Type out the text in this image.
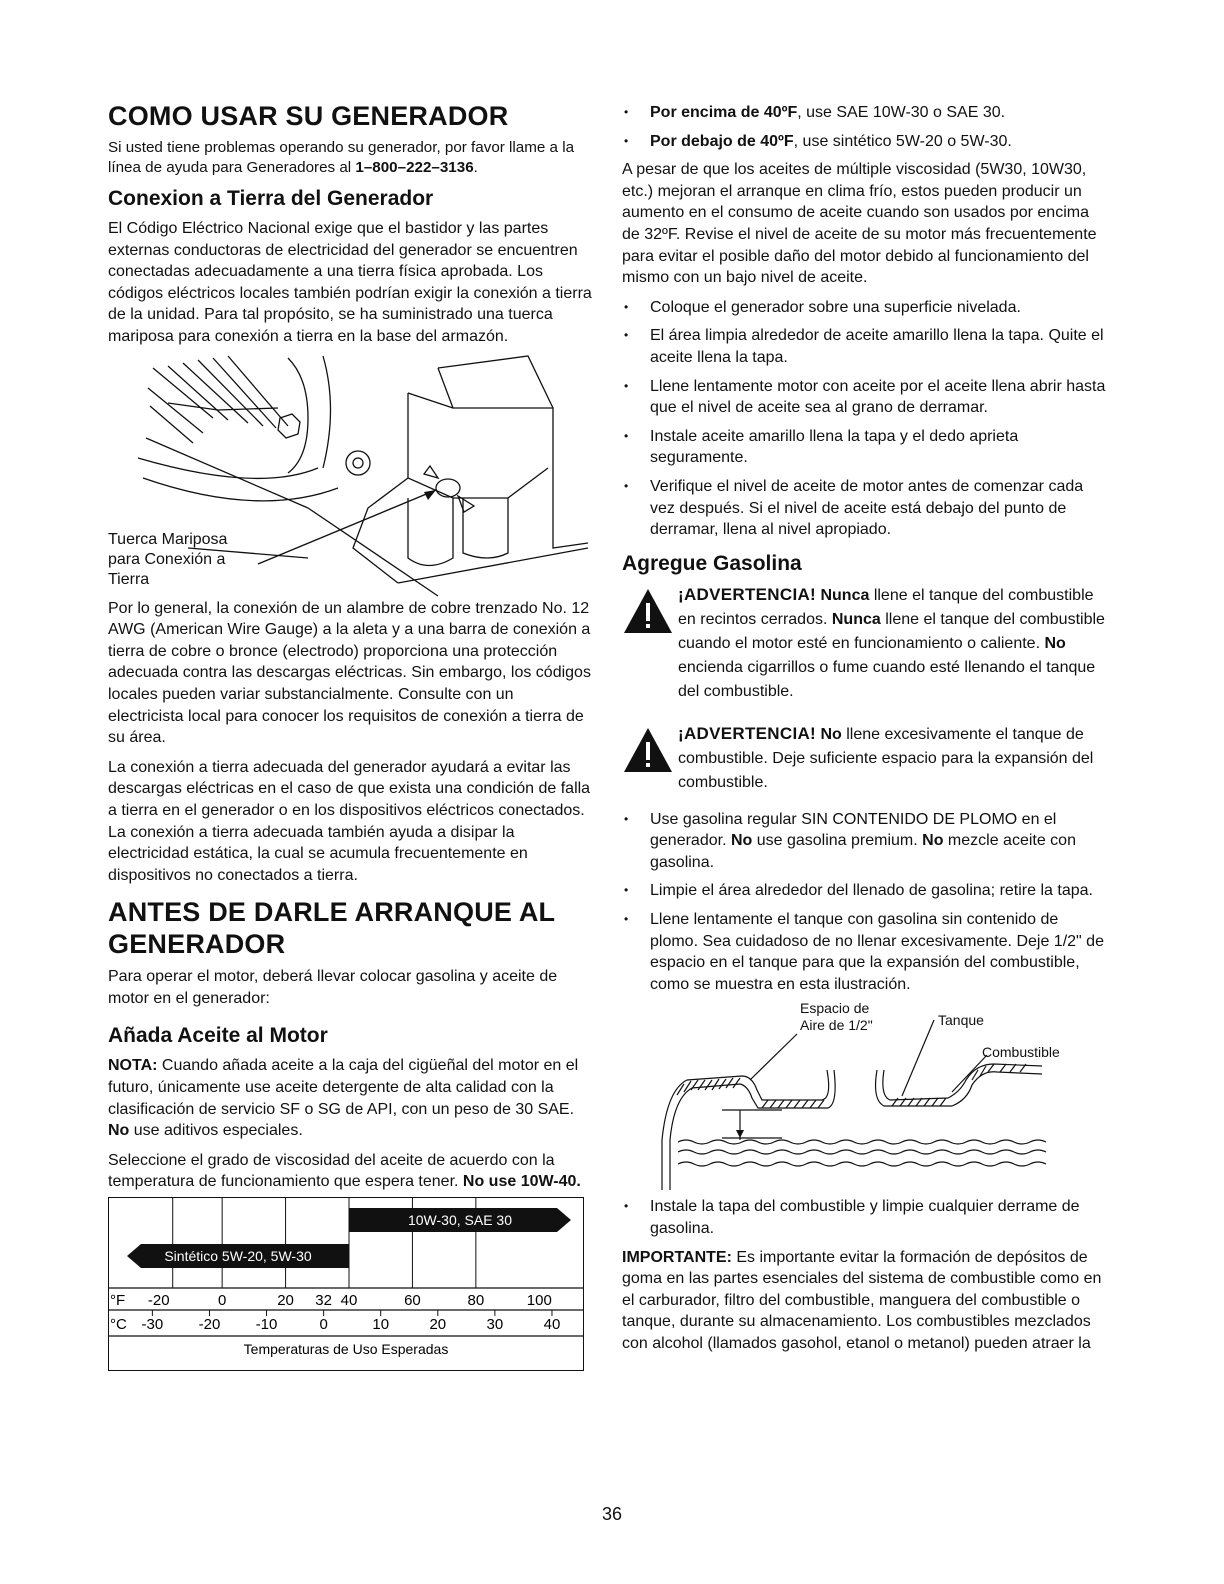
COMO USAR SU GENERADOR

Si usted tiene problemas operando su generador, por favor llame a la línea de ayuda para Generadores al 1–800–222–3136.

Conexion a Tierra del Generador

El Código Eléctrico Nacional exige que el bastidor y las partes externas conductoras de electricidad del generador se encuentren conectadas adecuadamente a una tierra física aprobada. Los códigos eléctricos locales también podrían exigir la conexión a tierra de la unidad. Para tal propósito, se ha suministrado una tuerca mariposa para conexión a tierra en la base del armazón.

Tuerca Mariposa
para Conexión a
Tierra

Por lo general, la conexión de un alambre de cobre trenzado No. 12 AWG (American Wire Gauge) a la aleta y a una barra de conexión a tierra de cobre o bronce (electrodo) proporciona una protección adecuada contra las descargas eléctricas. Sin embargo, los códigos locales pueden variar substancialmente. Consulte con un electricista local para conocer los requisitos de conexión a tierra de su área.

La conexión a tierra adecuada del generador ayudará a evitar las descargas eléctricas en el caso de que exista una condición de falla a tierra en el generador o en los dispositivos eléctricos conectados. La conexión a tierra adecuada también ayuda a disipar la electricidad estática, la cual se acumula frecuentemente en dispositivos no conectados a tierra.

ANTES DE DARLE ARRANQUE AL GENERADOR

Para operar el motor, deberá llevar colocar gasolina y aceite de motor en el generador:

Añada Aceite al Motor

NOTA: Cuando añada aceite a la caja del cigüeñal del motor en el futuro, únicamente use aceite detergente de alta calidad con la clasificación de servicio SF o SG de API, con un peso de 30 SAE. No use aditivos especiales.

Seleccione el grado de viscosidad del aceite de acuerdo con la temperatura de funcionamiento que espera tener. No use 10W-40.

10W-30, SAE 30
Sintético 5W-20, 5W-30
°F
°C
-20	0	20 32 40	60	80	100
-30 -20 -10	0	10	20	30	40
Temperaturas de Uso Esperadas
• Por encima de 40ºF, use SAE 10W-30 o SAE 30.
• Por debajo de 40ºF, use sintético 5W-20 o 5W-30.

A pesar de que los aceites de múltiple viscosidad (5W30, 10W30, etc.) mejoran el arranque en clima frío, estos pueden producir un aumento en el consumo de aceite cuando son usados por encima de 32ºF. Revise el nivel de aceite de su motor más frecuentemente para evitar el posible daño del motor debido al funcionamiento del mismo con un bajo nivel de aceite.

• Coloque el generador sobre una superficie nivelada.
• El área limpia alrededor de aceite amarillo llena la tapa. Quite el aceite llena la tapa.
• Llene lentamente motor con aceite por el aceite llena abrir hasta que el nivel de aceite sea al grano de derramar.
• Instale aceite amarillo llena la tapa y el dedo aprieta seguramente.
• Verifique el nivel de aceite de motor antes de comenzar cada vez después. Si el nivel de aceite está debajo del punto de derramar, llena al nivel apropiado.
Agregue Gasolina
¡ADVERTENCIA! Nunca llene el tanque del combustible en recintos cerrados. Nunca llene el tanque del combustible cuando el motor esté en funcionamiento o caliente. No encienda cigarrillos o fume cuando esté llenando el tanque del combustible.
¡ADVERTENCIA! No llene excesivamente el tanque de combustible. Deje suficiente espacio para la expansión del combustible.
• Use gasolina regular SIN CONTENIDO DE PLOMO en el generador. No use gasolina premium. No mezcle aceite con gasolina.
• Limpie el área alrededor del llenado de gasolina; retire la tapa.
• Llene lentamente el tanque con gasolina sin contenido de plomo. Sea cuidadoso de no llenar excesivamente. Deje 1/2" de espacio en el tanque para que la expansión del combustible, como se muestra en esta ilustración.
Espacio de
Aire de 1/2"	Tanque
Combustible
• Instale la tapa del combustible y limpie cualquier derrame de gasolina.

IMPORTANTE: Es importante evitar la formación de depósitos de goma en las partes esenciales del sistema de combustible como en el carburador, filtro del combustible, manguera del combustible o tanque, durante su almacenamiento. Los combustibles mezclados con alcohol (llamados gasohol, etanol o metanol) pueden atraer la

36
